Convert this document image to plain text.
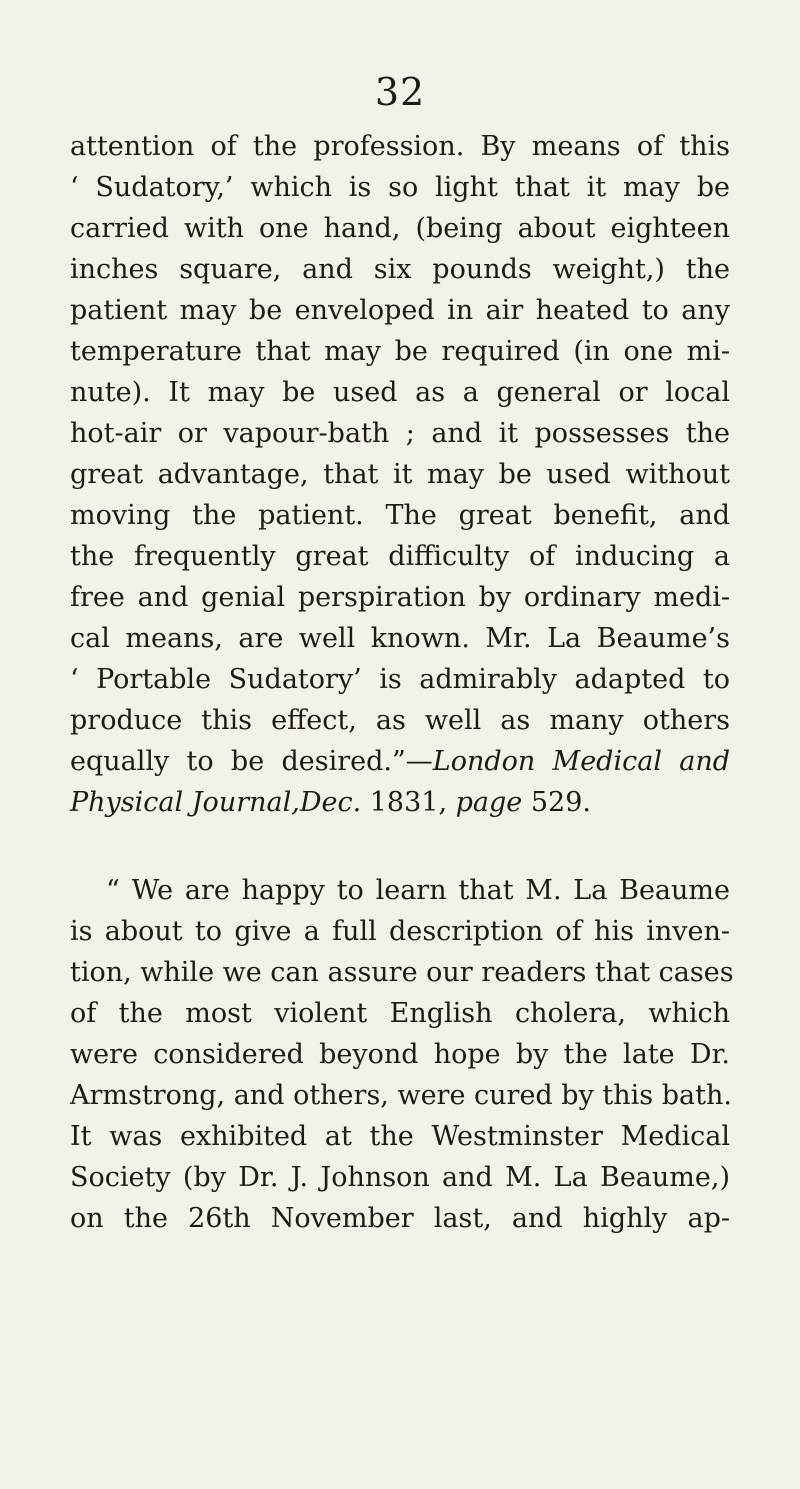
32
attention of the profession. By means of this
‘ Sudatory,’ which is so light that it may be
carried with one hand, (being about eighteen
inches square, and six pounds weight,) the
patient may be enveloped in air heated to any
temperature that may be required (in one mi-
nute). It may be used as a general or local
hot-air or vapour-bath ; and it possesses the
great advantage, that it may be used without
moving the patient. The great benefit, and
the frequently great difficulty of inducing a
free and genial perspiration by ordinary medi-
cal means, are well known. Mr. La Beaume’s
‘ Portable Sudatory’ is admirably adapted to
produce this effect, as well as many others
equally to be desired.”—London Medical and
Physical Journal,Dec. 1831, page 529.
“ We are happy to learn that M. La Beaume
is about to give a full description of his inven-
tion, while we can assure our readers that cases
of the most violent English cholera, which
were considered beyond hope by the late Dr.
Armstrong, and others, were cured by this bath.
It was exhibited at the Westminster Medical
Society (by Dr. J. Johnson and M. La Beaume,)
on the 26th November last, and highly ap-
